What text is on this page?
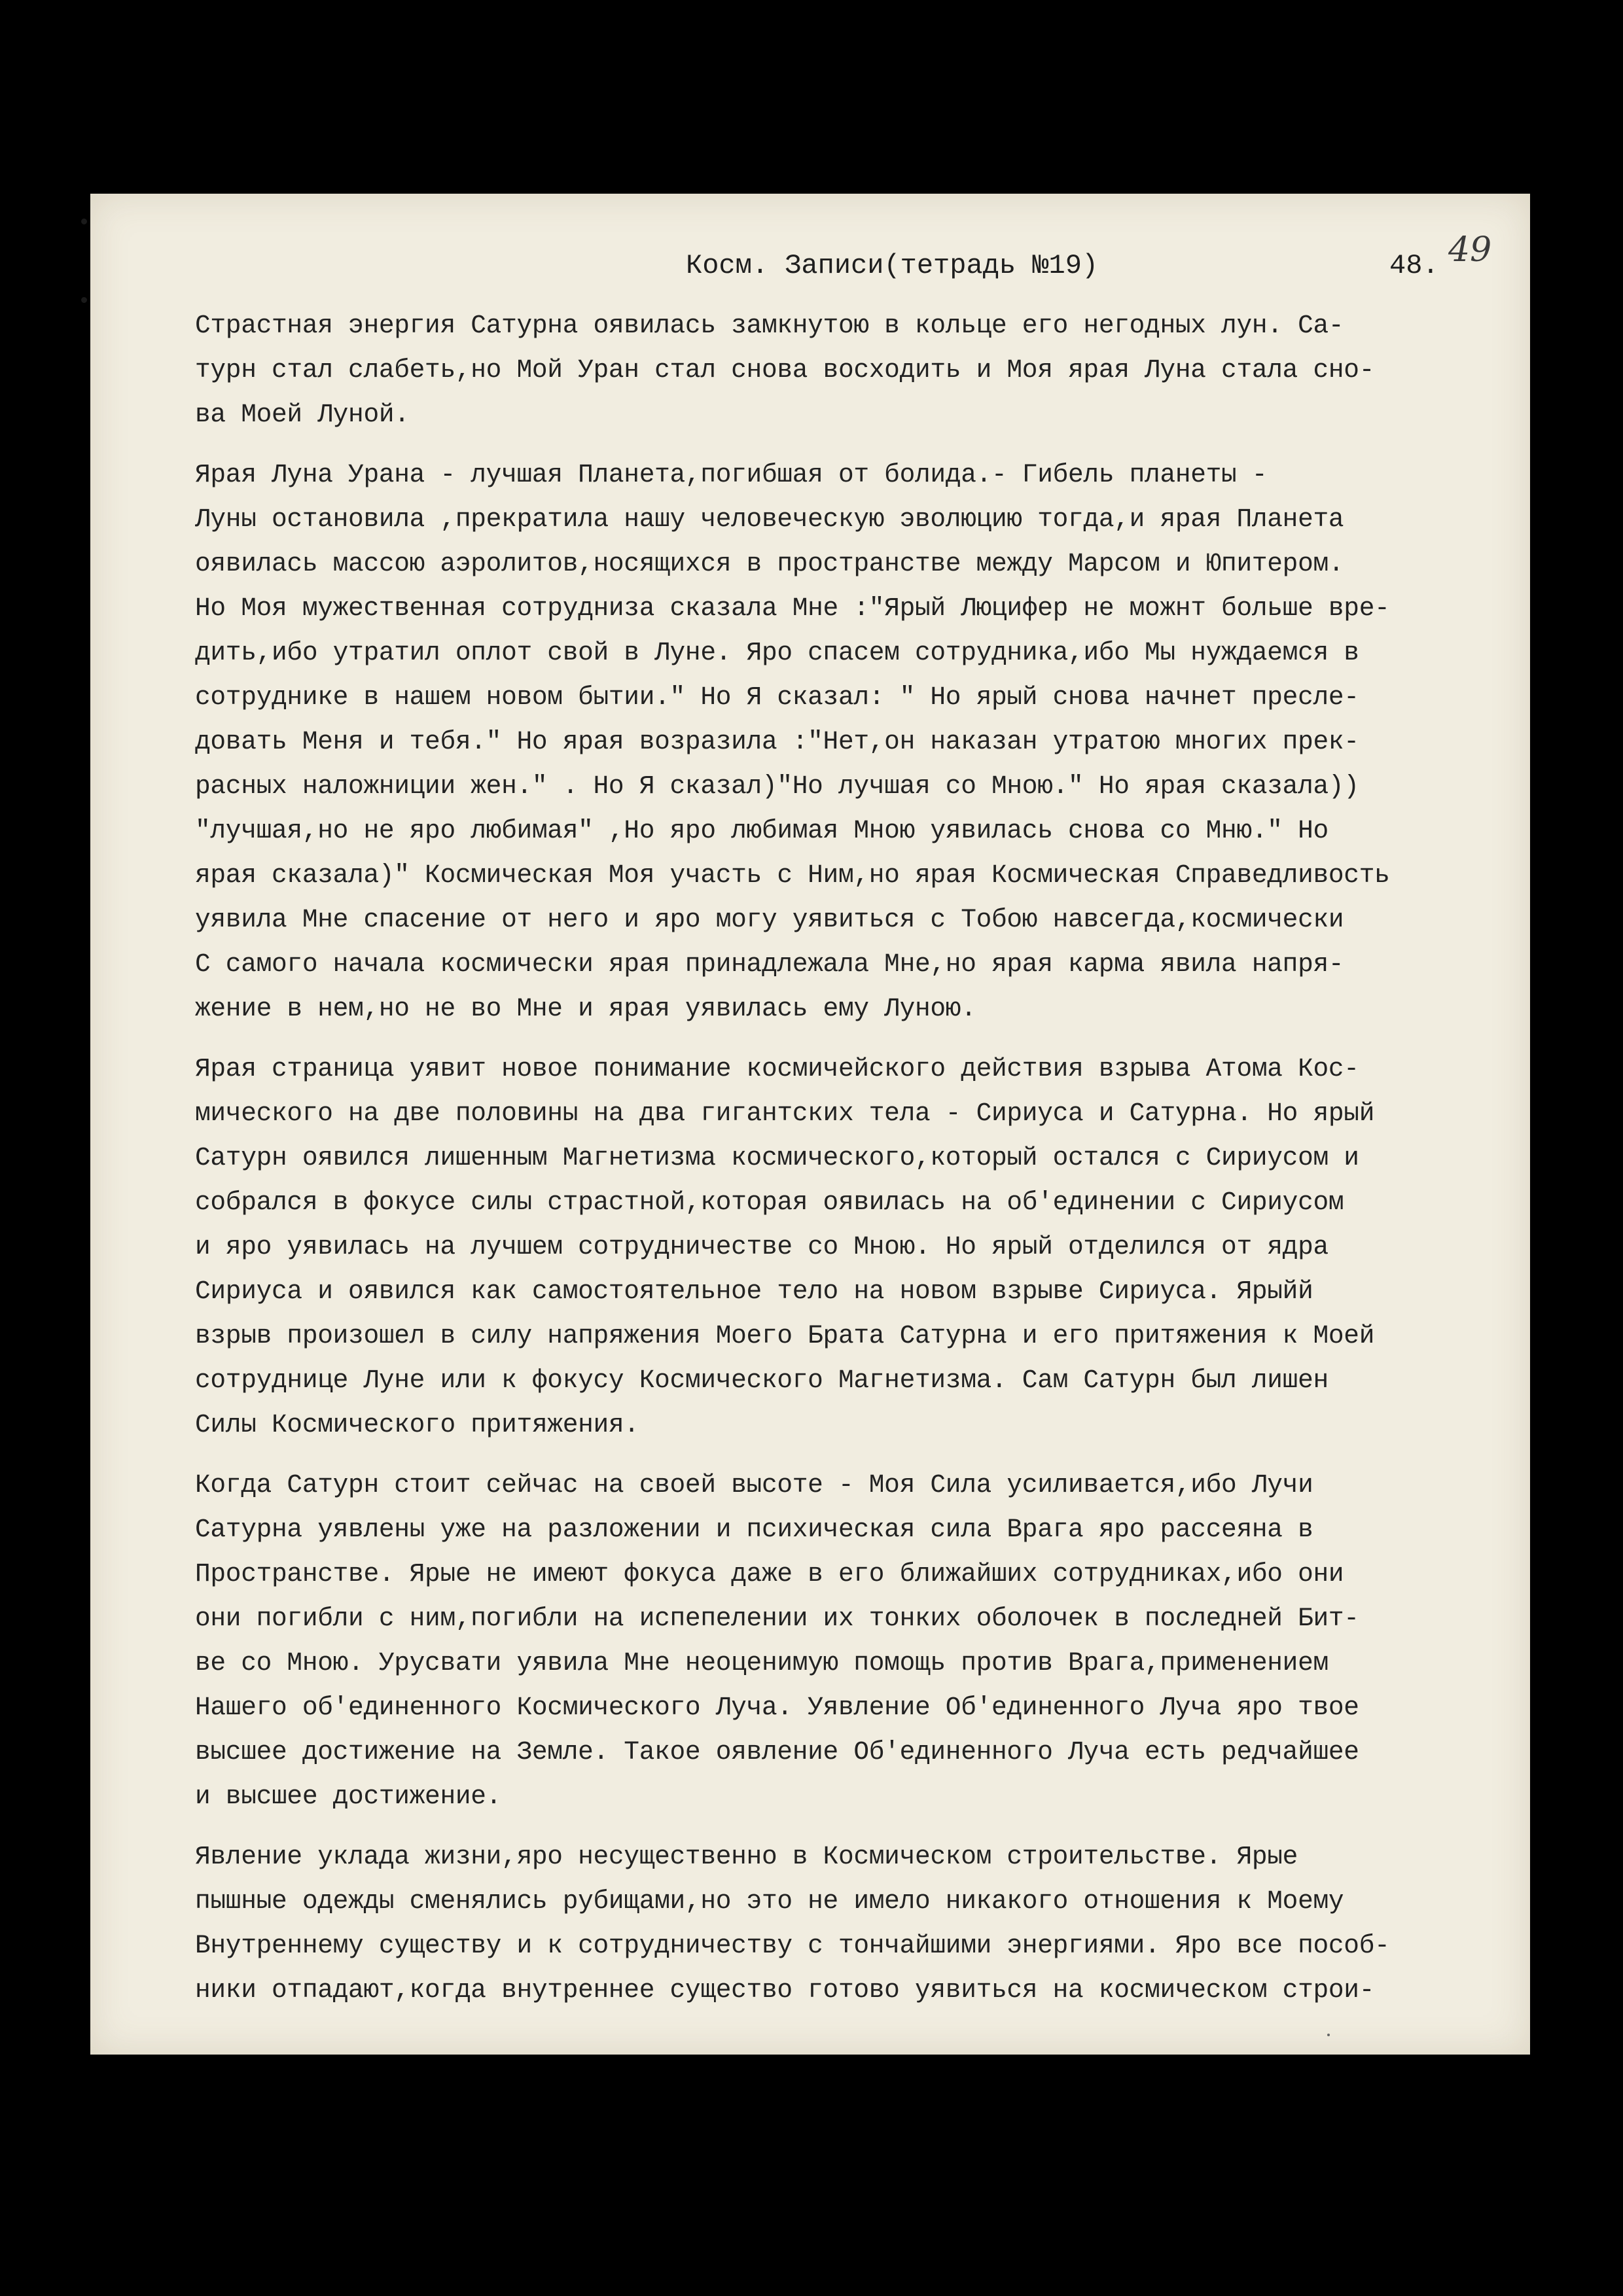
Косм. Записи(тетрадь №19)	48. 49
Страстная энергия Сатурна оявилась замкнутою в кольце его негодных лун. Са-
турн стал слабеть,но Мой Уран стал снова восходить и Моя ярая Луна стала сно-
ва Моей Луной.
Ярая Луна Урана - лучшая Планета,погибшая от болида.- Гибель планеты -
Луны остановила ,прекратила нашу человеческую эволюцию тогда,и ярая Планета
оявилась массою аэролитов,носящихся в пространстве между Марсом и Юпитером.
Но Моя мужественная сотрудниза сказала Мне :"Ярый Люцифер не можнт больше вре-
дить,ибо утратил оплот свой в Луне. Яро спасем сотрудника,ибо Мы нуждаемся в
сотруднике в нашем новом бытии." Но Я сказал: " Но ярый снова начнет пресле-
довать Меня и тебя." Но ярая возразила :"Нет,он наказан утратою многих прек-
расных наложниции жен." . Но Я сказал)"Но лучшая со Мною." Но ярая сказала))
"лучшая,но не яро любимая" ,Но яро любимая Мною уявилась снова со Мню." Но
ярая сказала)" Космическая Моя участь с Ним,но ярая Космическая Справедливость
уявила Мне спасение от него и яро могу уявиться с Тобою навсегда,космически
С самого начала космически ярая принадлежала Мне,но ярая карма явила напря-
жение в нем,но не во Мне и ярая уявилась ему Луною.
Ярая страница уявит новое понимание космичейского действия взрыва Атома Кос-
мического на две половины на два гигантских тела - Сириуса и Сатурна. Но ярый
Сатурн оявился лишенным Магнетизма космического,который остался с Сириусом и
собрался в фокусе силы страстной,которая оявилась на об'единении с Сириусом
и яро уявилась на лучшем сотрудничестве со Мною. Но ярый отделился от ядра
Сириуса и оявился как самостоятельное тело на новом взрыве Сириуса. Ярыйй
взрыв произошел в силу напряжения Моего Брата Сатурна и его притяжения к Моей
сотруднице Луне или к фокусу Космического Магнетизма. Сам Сатурн был лишен
Силы Космического притяжения.
Когда Сатурн стоит сейчас на своей высоте - Моя Сила усиливается,ибо Лучи
Сатурна уявлены уже на разложении и психическая сила Врага яро рассеяна в
Пространстве. Ярые не имеют фокуса даже в его ближайших сотрудниках,ибо они
они погибли с ним,погибли на испепелении их тонких оболочек в последней Бит-
ве со Мною. Урусвати уявила Мне неоценимую помощь против Врага,применением
Нашего об'единенного Космического Луча. Уявление Об'единенного Луча яро твое
высшее достижение на Земле. Такое оявление Об'единенного Луча есть редчайшее
и высшее достижение.
Явление уклада жизни,яро несущественно в Космическом строительстве. Ярые
пышные одежды сменялись рубищами,но это не имело никакого отношения к Моему
Внутреннему существу и к сотрудничеству с тончайшими энергиями. Яро все пособ-
ники отпадают,когда внутреннее существо готово уявиться на космическом строи-
